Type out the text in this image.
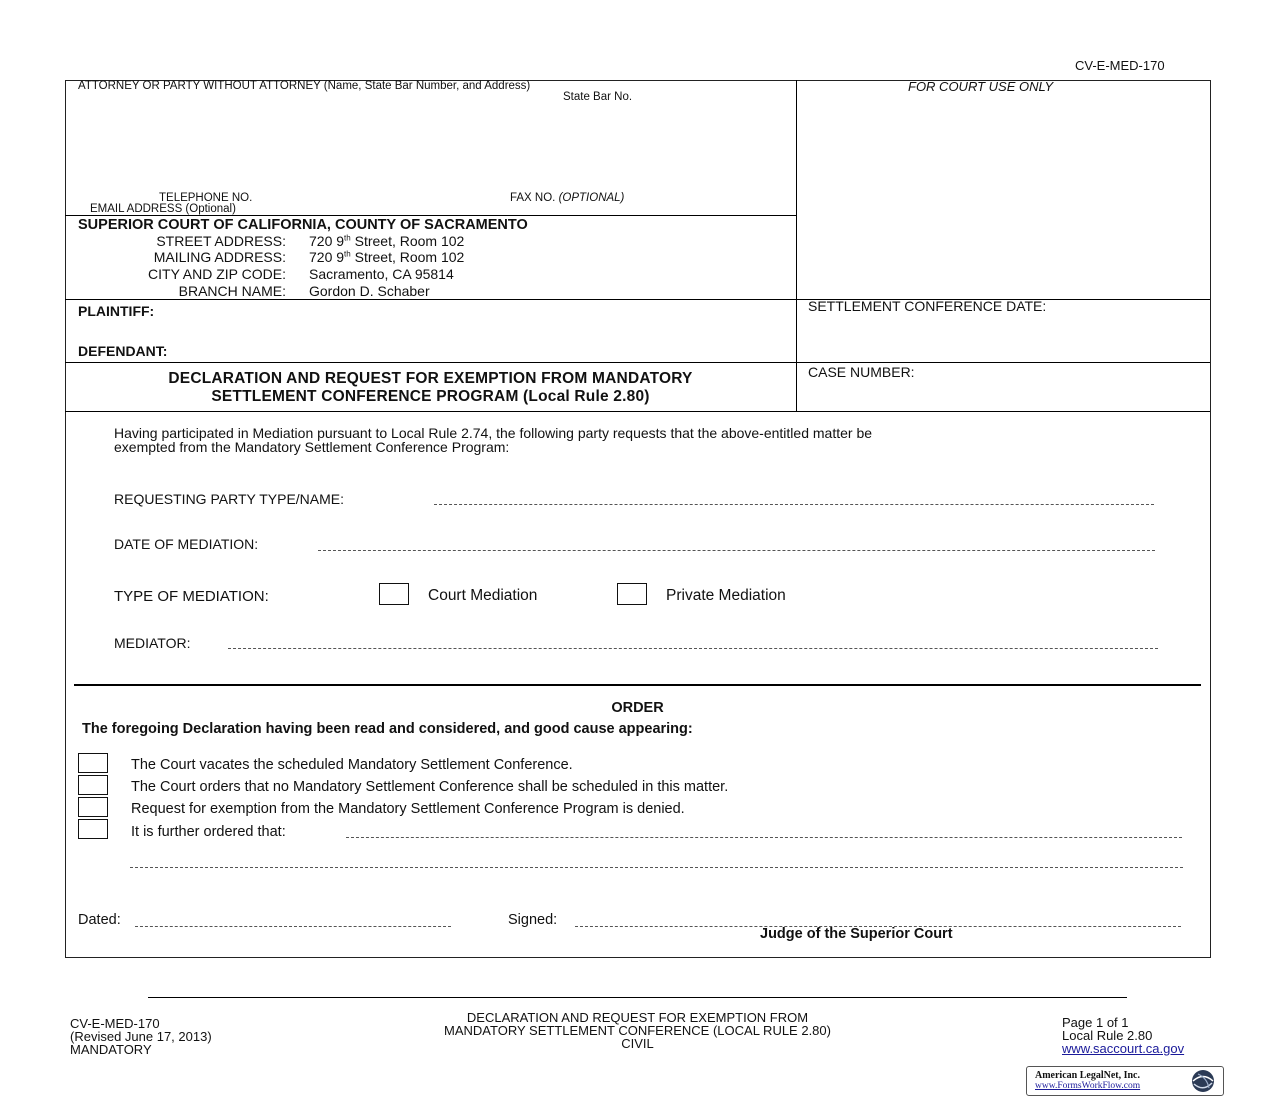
CV-E-MED-170
ATTORNEY OR PARTY WITHOUT ATTORNEY (Name, State Bar Number, and Address)
State Bar No.
TELEPHONE NO.	FAX NO. (OPTIONAL)
EMAIL ADDRESS (Optional)
FOR COURT USE ONLY
SUPERIOR COURT OF CALIFORNIA, COUNTY OF SACRAMENTO
STREET ADDRESS: 720 9th Street, Room 102
MAILING ADDRESS: 720 9th Street, Room 102
CITY AND ZIP CODE: Sacramento, CA 95814
BRANCH NAME: Gordon D. Schaber
PLAINTIFF:
DEFENDANT:
SETTLEMENT CONFERENCE DATE:
DECLARATION AND REQUEST FOR EXEMPTION FROM MANDATORY
SETTLEMENT CONFERENCE PROGRAM (Local Rule 2.80)
CASE NUMBER:
Having participated in Mediation pursuant to Local Rule 2.74, the following party requests that the above-entitled matter be
exempted from the Mandatory Settlement Conference Program:
REQUESTING PARTY TYPE/NAME:
DATE OF MEDIATION:
TYPE OF MEDIATION:	Court Mediation	Private Mediation
MEDIATOR:
ORDER
The foregoing Declaration having been read and considered, and good cause appearing:
The Court vacates the scheduled Mandatory Settlement Conference.
The Court orders that no Mandatory Settlement Conference shall be scheduled in this matter.
Request for exemption from the Mandatory Settlement Conference Program is denied.
It is further ordered that:
Dated:	Signed:
Judge of the Superior Court
CV-E-MED-170
(Revised June 17, 2013)
MANDATORY
DECLARATION AND REQUEST FOR EXEMPTION FROM
MANDATORY SETTLEMENT CONFERENCE (LOCAL RULE 2.80)
CIVIL
Page 1 of 1
Local Rule 2.80
www.saccourt.ca.gov
American LegalNet, Inc.
www.FormsWorkFlow.com
